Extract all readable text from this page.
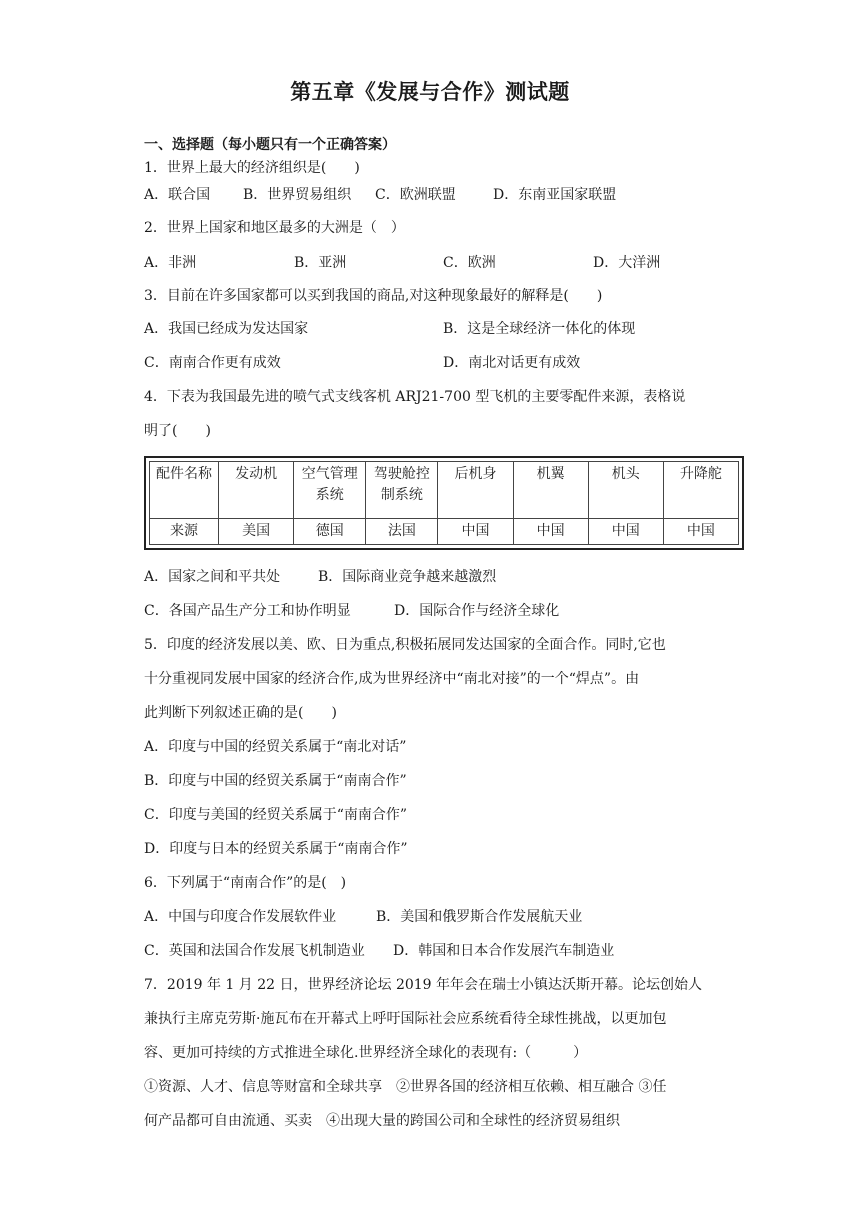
第五章《发展与合作》测试题
一、选择题（每小题只有一个正确答案）
1．世界上最大的经济组织是(　　)
A．联合国 B．世界贸易组织 C．欧洲联盟	D．东南亚国家联盟
2．世界上国家和地区最多的大洲是（　）
A．非洲	B．亚洲	C．欧洲	D．大洋洲
3．目前在许多国家都可以买到我国的商品,对这种现象最好的解释是(　　)
A．我国已经成为发达国家	B．这是全球经济一体化的体现
C．南南合作更有成效	D．南北对话更有成效
4．下表为我国最先进的喷气式支线客机 ARJ21-700 型飞机的主要零配件来源，表格说
明了(　　)
配件名称	发动机	空气管理系统	驾驶舱控制系统	后机身	机翼	机头	升降舵
来源	美国	德国	法国	中国	中国	中国	中国
A．国家之间和平共处	B．国际商业竞争越来越激烈
C．各国产品生产分工和协作明显	D．国际合作与经济全球化
5．印度的经济发展以美、欧、日为重点,积极拓展同发达国家的全面合作。同时,它也
十分重视同发展中国家的经济合作,成为世界经济中“南北对接”的一个“焊点”。由
此判断下列叙述正确的是(　　)
A．印度与中国的经贸关系属于“南北对话”
B．印度与中国的经贸关系属于“南南合作”
C．印度与美国的经贸关系属于“南南合作”
D．印度与日本的经贸关系属于“南南合作”
6．下列属于“南南合作”的是(　)
A．中国与印度合作发展软件业	B．美国和俄罗斯合作发展航天业
C．英国和法国合作发展飞机制造业 D．韩国和日本合作发展汽车制造业
7．2019 年 1 月 22 日，世界经济论坛 2019 年年会在瑞士小镇达沃斯开幕。论坛创始人
兼执行主席克劳斯·施瓦布在开幕式上呼吁国际社会应系统看待全球性挑战，以更加包
容、更加可持续的方式推进全球化.世界经济全球化的表现有:（　　　）
①资源、人才、信息等财富和全球共享　②世界各国的经济相互依赖、相互融合 ③任
何产品都可自由流通、买卖　④出现大量的跨国公司和全球性的经济贸易组织
